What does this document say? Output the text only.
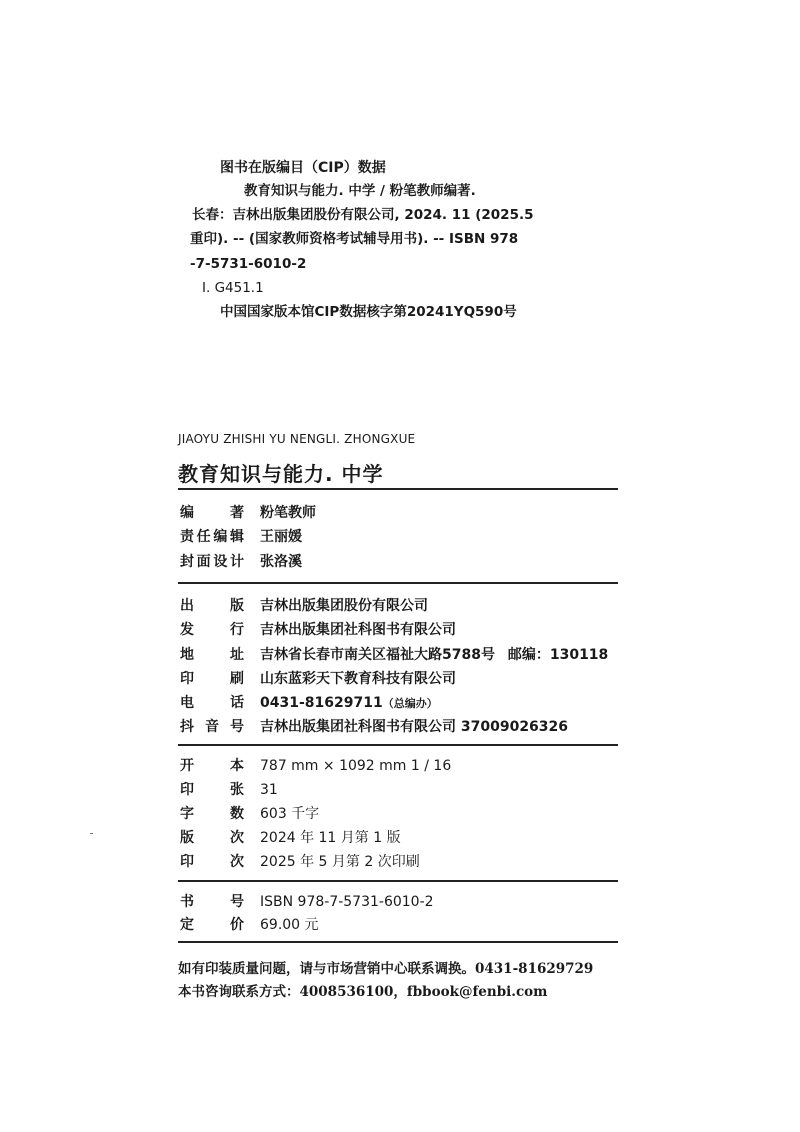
图书在版编目（CIP）数据
教育知识与能力. 中学 / 粉笔教师编著.
长春：吉林出版集团股份有限公司, 2024. 11 (2025.5
重印). -- (国家教师资格考试辅导用书). -- ISBN 978
-7-5731-6010-2
Ⅰ. G451.1
中国国家版本馆CIP数据核字第20241YQ590号
JIAOYU ZHISHI YU NENGLI. ZHONGXUE
教育知识与能力. 中学
编著 粉笔教师
责任编辑 王丽媛
封面设计 张洛溪
出版 吉林出版集团股份有限公司
发行 吉林出版集团社科图书有限公司
地址 吉林省长春市南关区福祉大路5788号 邮编：130118
印刷 山东蓝彩天下教育科技有限公司
电话 0431-81629711（总编办）
抖音号 吉林出版集团社科图书有限公司 37009026326
开本 787 mm × 1092 mm 1 / 16
印张 31
字数 603 千字
版次 2024 年 11 月第 1 版
印次 2025 年 5 月第 2 次印刷
书号 ISBN 978-7-5731-6010-2
定价 69.00 元
如有印装质量问题，请与市场营销中心联系调换。0431-81629729
本书咨询联系方式：4008536100，fbbook@fenbi.com
